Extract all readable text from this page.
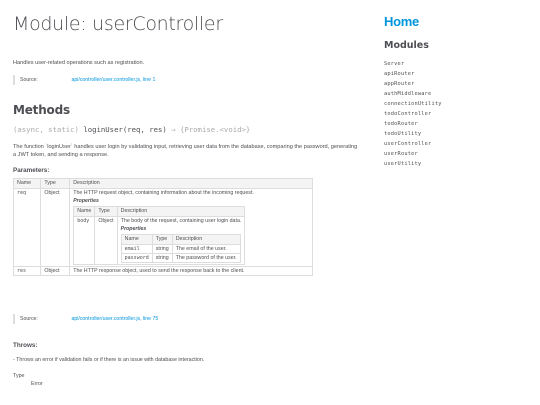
Module: userController
Handles user-related operations such as registration.
Source:	api/controller/user.controller.js, line 1
Methods
(async, static) loginUser(req, res) → {Promise.<void>}
The function `loginUser` handles user login by validating input, retrieving user data from the database, comparing the password, generating a JWT token, and sending a response.
Parameters:
Name	Type	Description
req	Object	The HTTP request object, containing information about the incoming request.
Properties
Name	Type	Description
body	Object	The body of the request, containing user login data.
Properties
Name	Type	Description
email	string	The email of the user.
password	string	The password of the user.

res	Object	The HTTP response object, used to send the response back to the client.
Source:	api/controller/user.controller.js, line 75
Throws:
- Throws an error if validation fails or if there is an issue with database interaction.
Type
Error
Home
Modules
Server
apiRouter
appRouter
authMiddleware
connectionUtility
todoController
todoRouter
todoUtility
userController
userRouter
userUtility
